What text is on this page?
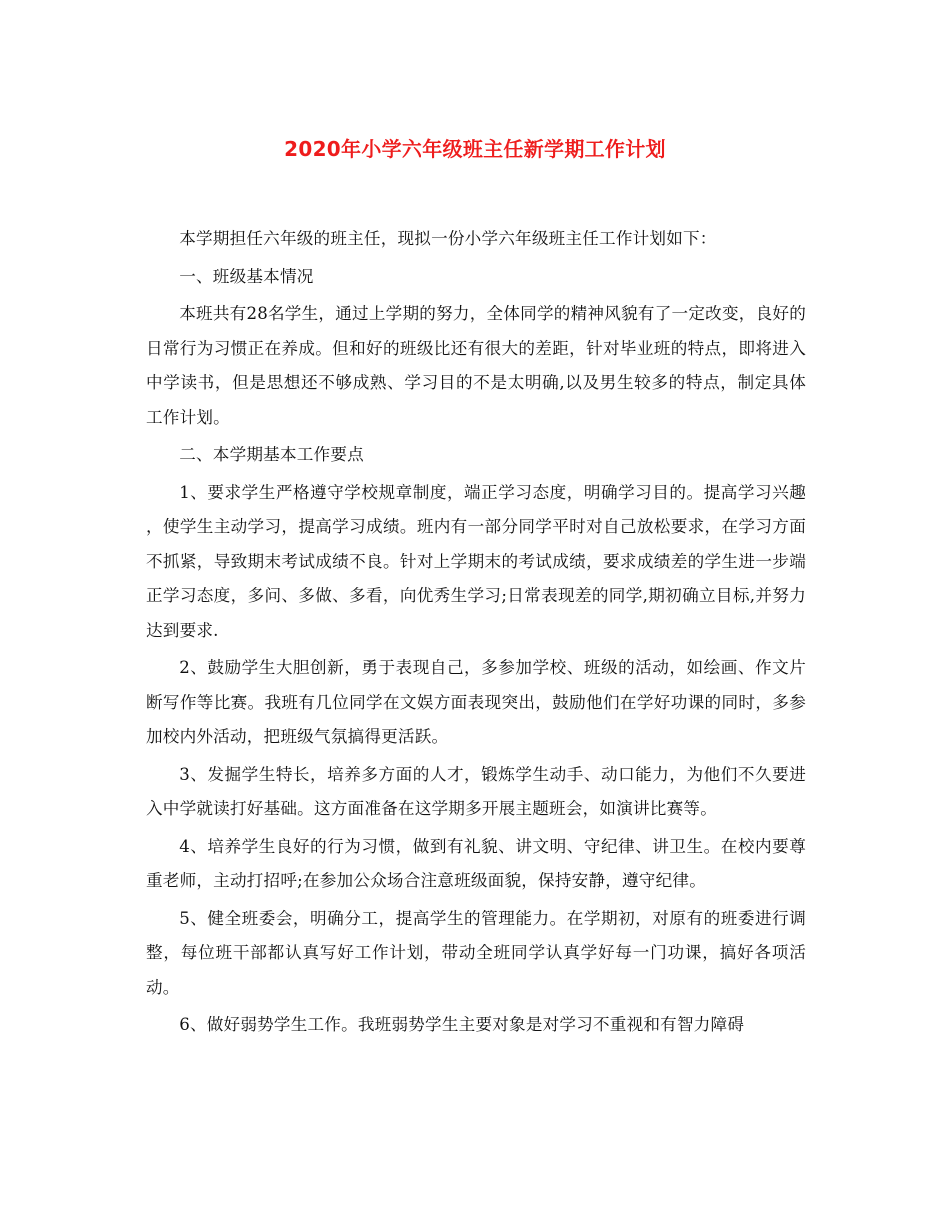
2020年小学六年级班主任新学期工作计划

本学期担任六年级的班主任，现拟一份小学六年级班主任工作计划如下：

一、班级基本情况

本班共有28名学生，通过上学期的努力，全体同学的精神风貌有了一定改变，良好的日常行为习惯正在养成。但和好的班级比还有很大的差距，针对毕业班的特点，即将进入中学读书，但是思想还不够成熟、学习目的不是太明确,以及男生较多的特点，制定具体工作计划。

二、本学期基本工作要点

1、要求学生严格遵守学校规章制度，端正学习态度，明确学习目的。提高学习兴趣 ，使学生主动学习，提高学习成绩。班内有一部分同学平时对自己放松要求，在学习方面不抓紧，导致期末考试成绩不良。针对上学期末的考试成绩，要求成绩差的学生进一步端正学习态度，多问、多做、多看，向优秀生学习;日常表现差的同学,期初确立目标,并努力达到要求.

2、鼓励学生大胆创新，勇于表现自己，多参加学校、班级的活动，如绘画、作文片断写作等比赛。我班有几位同学在文娱方面表现突出，鼓励他们在学好功课的同时，多参加校内外活动，把班级气氛搞得更活跃。

3、发掘学生特长，培养多方面的人才，锻炼学生动手、动口能力，为他们不久要进入中学就读打好基础。这方面准备在这学期多开展主题班会，如演讲比赛等。

4、培养学生良好的行为习惯，做到有礼貌、讲文明、守纪律、讲卫生。在校内要尊重老师，主动打招呼;在参加公众场合注意班级面貌，保持安静，遵守纪律。

5、健全班委会，明确分工，提高学生的管理能力。在学期初，对原有的班委进行调整，每位班干部都认真写好工作计划，带动全班同学认真学好每一门功课，搞好各项活动。

6、做好弱势学生工作。我班弱势学生主要对象是对学习不重视和有智力障碍
